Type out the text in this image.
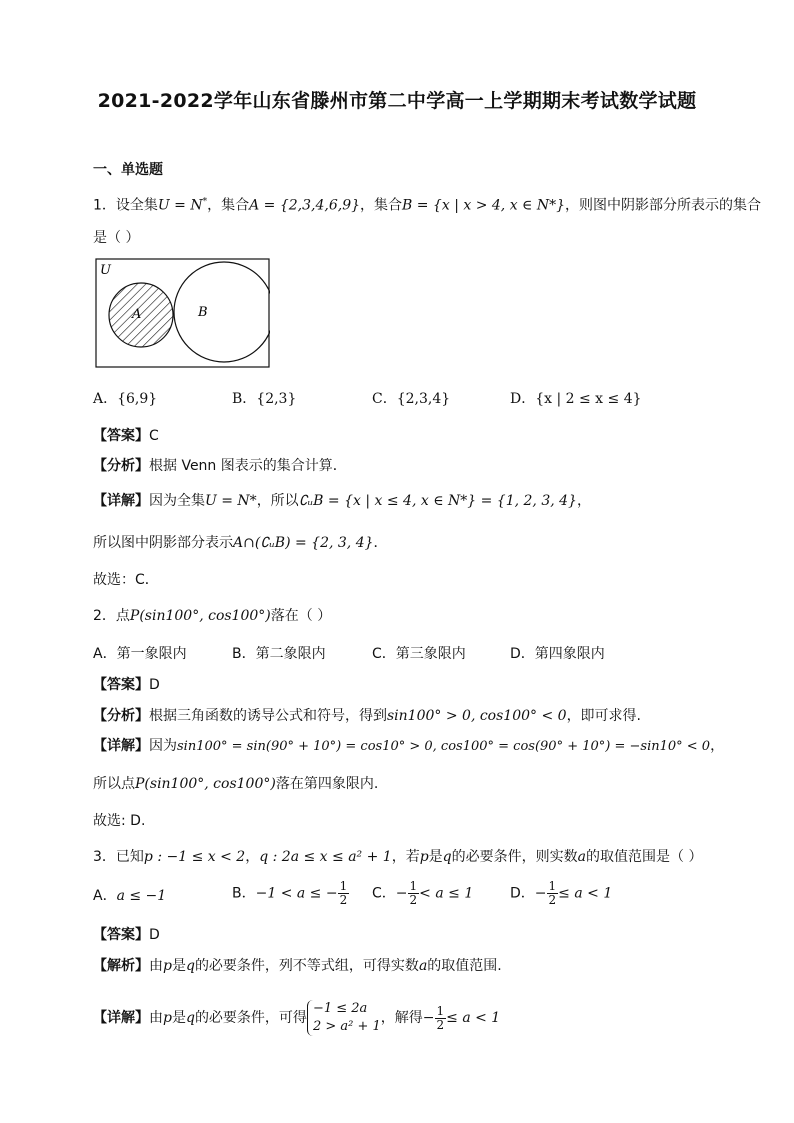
2021-2022学年山东省滕州市第二中学高一上学期期末考试数学试题
一、单选题
1．设全集U = N*，集合A = {2,3,4,6,9}，集合B = {x | x > 4, x ∈ N*}，则图中阴影部分所表示的集合
是（ ）
U
A	B
A．{6,9}	B．{2,3}	C．{2,3,4}	D．{x | 2 ≤ x ≤ 4}
【答案】C
【分析】根据 Venn 图表示的集合计算．
【详解】因为全集U = N*，所以∁ᵤB = {x | x ≤ 4, x ∈ N*} = {1, 2, 3, 4}，
所以图中阴影部分表示A∩(∁ᵤB) = {2, 3, 4}．
故选：C．
2．点P(sin100°, cos100°)落在（ ）
A．第一象限内	B．第二象限内	C．第三象限内	D．第四象限内
【答案】D
【分析】根据三角函数的诱导公式和符号，得到sin100° > 0, cos100° < 0，即可求得.
【详解】因为sin100° = sin(90° + 10°) = cos10° > 0, cos100° = cos(90° + 10°) = −sin10° < 0，
所以点P(sin100°, cos100°)落在第四象限内.
故选: D.
3．已知p : −1 ≤ x < 2，q : 2a ≤ x ≤ a² + 1，若p是q的必要条件，则实数a的取值范围是（ ）
A．a ≤ −1	B．−1 < a ≤ − $\frac{1}{2}$ C．− $\frac{1}{2} < a \le 1$	D．− $\frac{1}{2} \le a < 1$
【答案】D
【解析】由p是q的必要条件，列不等式组，可得实数a的取值范围.
【详解】由p是q的必要条件，可得
−1 ≤ 2a
2 > a² + 1
，解得− $\frac{1}{2} \le a < 1$
